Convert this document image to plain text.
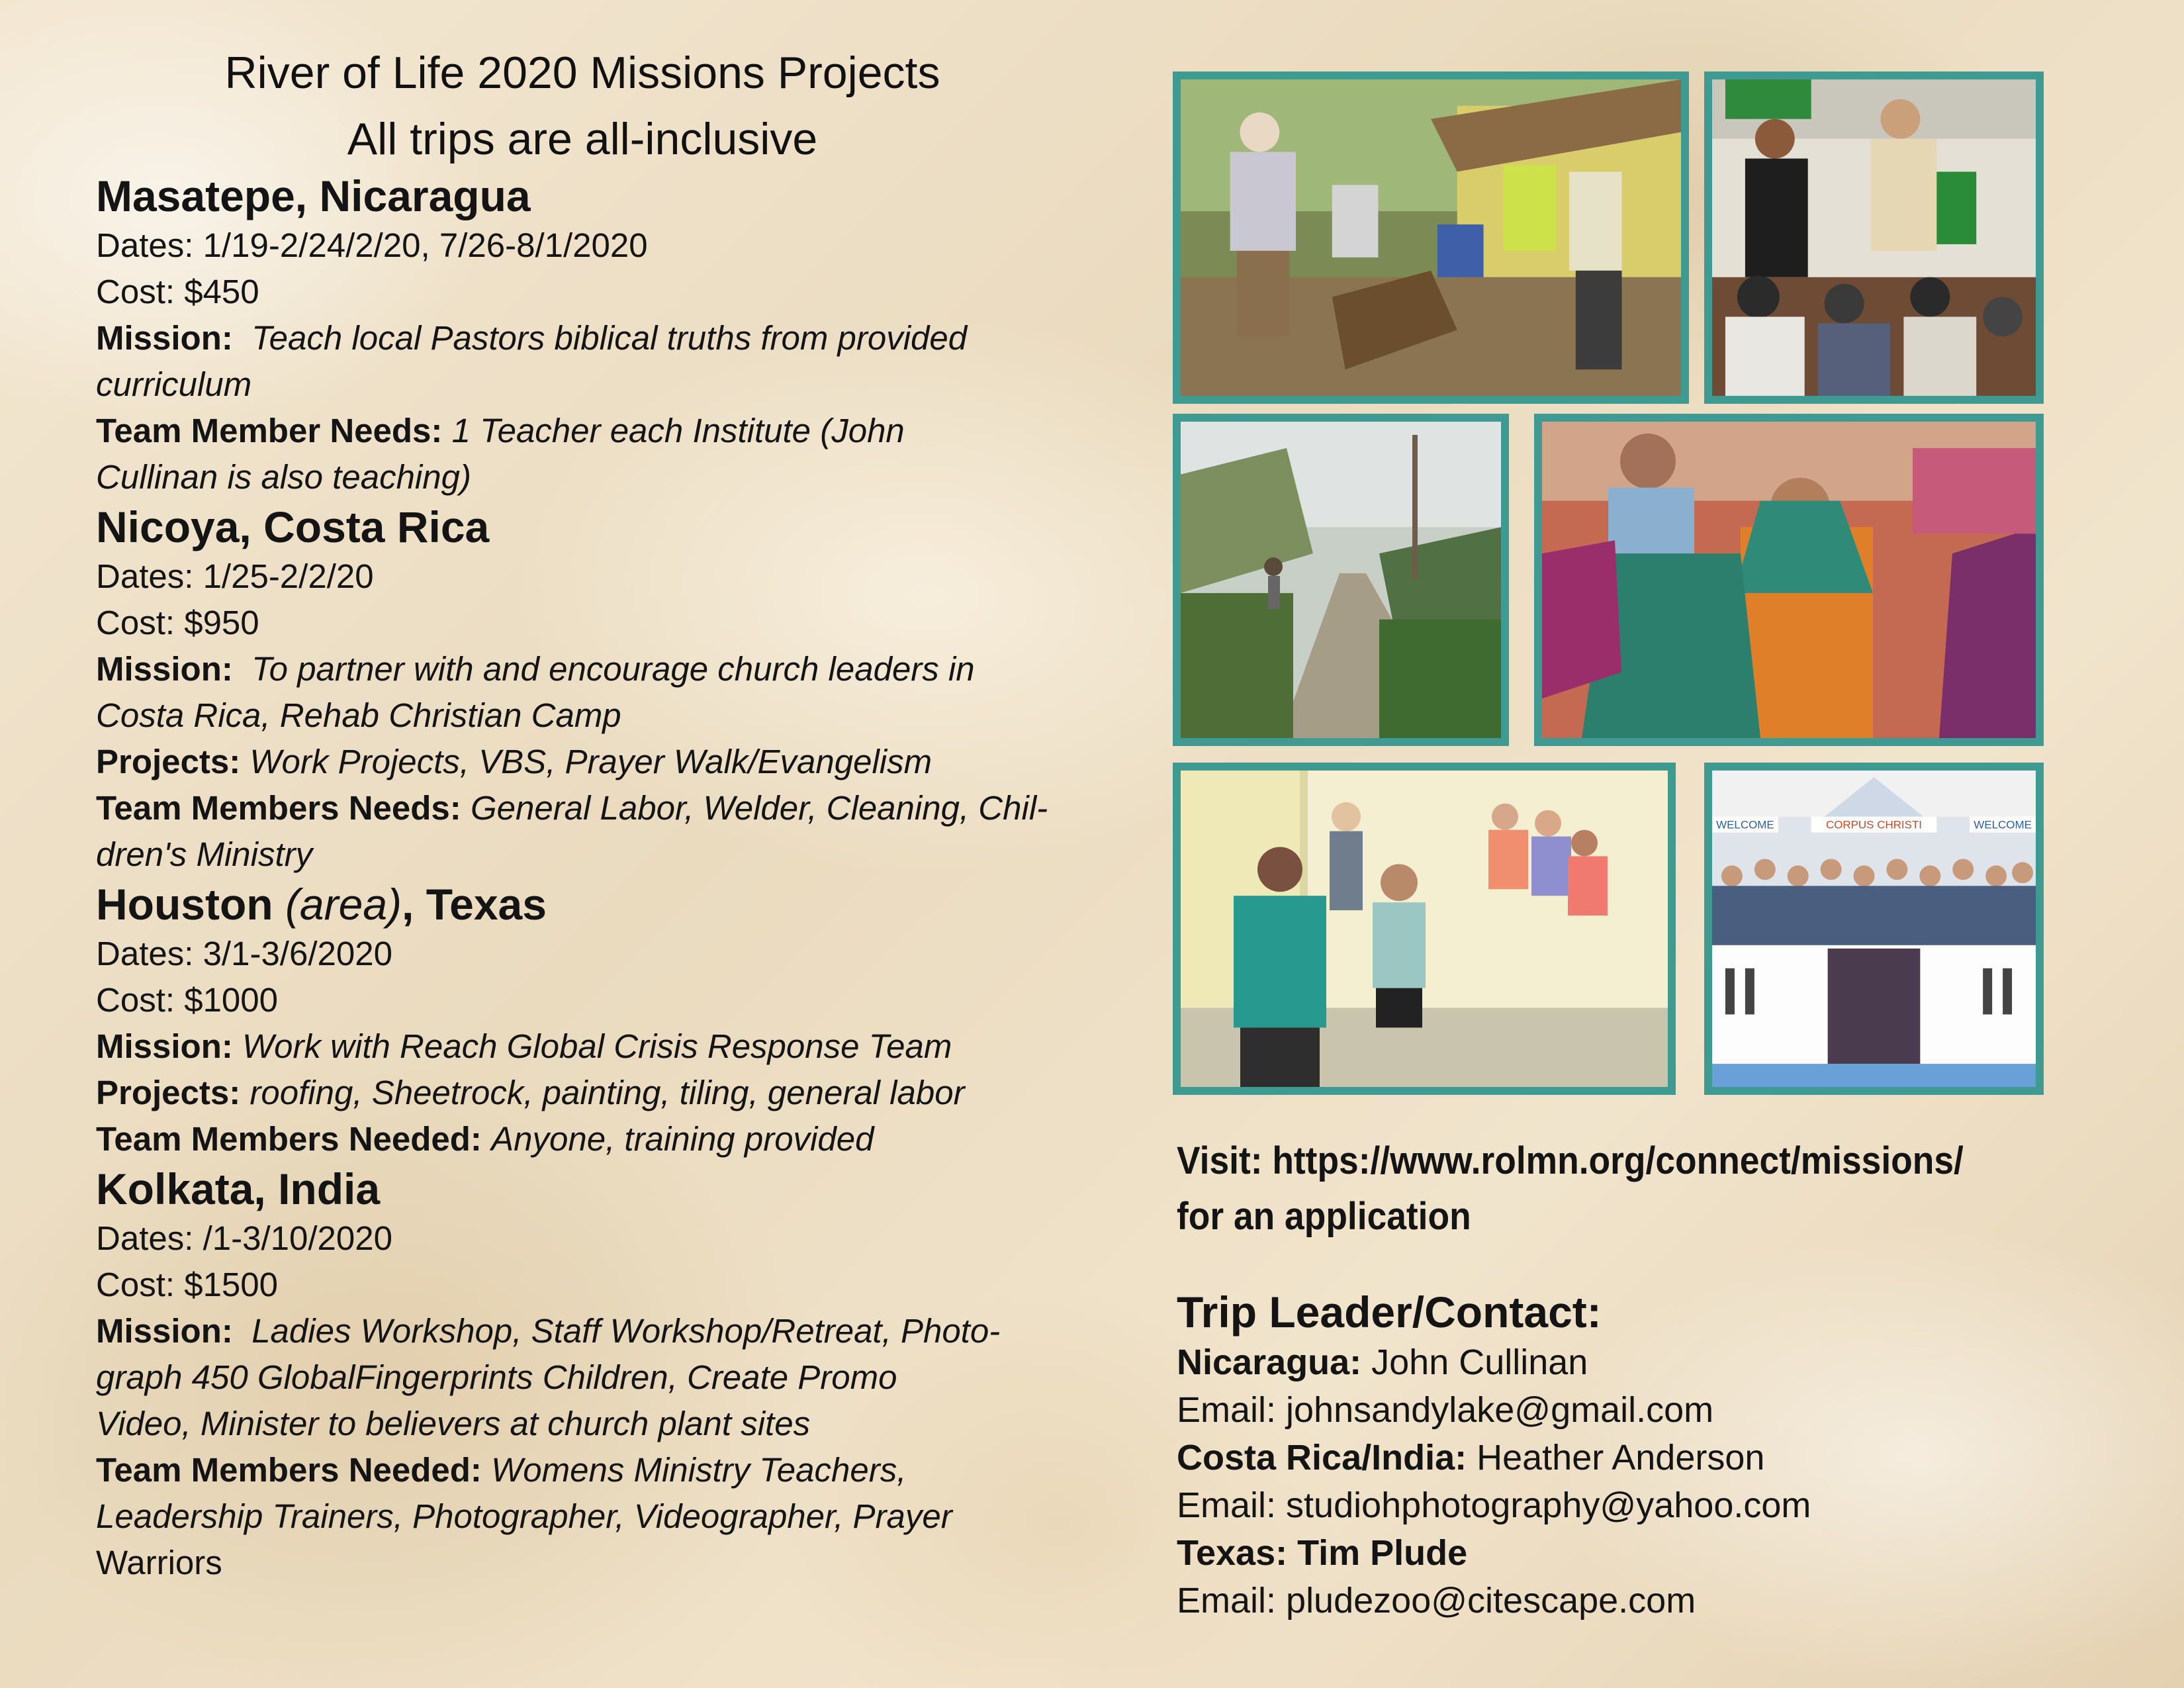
River of Life 2020 Missions Projects
All trips are all-inclusive
Masatepe, Nicaragua
Dates: 1/19-2/24/2/20, 7/26-8/1/2020
Cost: $450
Mission: Teach local Pastors biblical truths from provided
curriculum
Team Member Needs: 1 Teacher each Institute (John
Cullinan is also teaching)
Nicoya, Costa Rica
Dates: 1/25-2/2/20
Cost: $950
Mission: To partner with and encourage church leaders in
Costa Rica, Rehab Christian Camp
Projects: Work Projects, VBS, Prayer Walk/Evangelism
Team Members Needs: General Labor, Welder, Cleaning, Chil-
dren's Ministry
Houston (area), Texas
Dates: 3/1-3/6/2020
Cost: $1000
Mission: Work with Reach Global Crisis Response Team
Projects: roofing, Sheetrock, painting, tiling, general labor
Team Members Needed: Anyone, training provided
Kolkata, India
Dates: /1-3/10/2020
Cost: $1500
Mission: Ladies Workshop, Staff Workshop/Retreat, Photo-
graph 450 GlobalFingerprints Children, Create Promo
Video, Minister to believers at church plant sites
Team Members Needed: Womens Ministry Teachers,
Leadership Trainers, Photographer, Videographer, Prayer
Warriors
WELCOME	CORPUS CHRISTI	WELCOME
Visit: https://www.rolmn.org/connect/missions/
for an application
Trip Leader/Contact:
Nicaragua: John Cullinan
Email: johnsandylake@gmail.com
Costa Rica/India: Heather Anderson
Email: studiohphotography@yahoo.com
Texas: Tim Plude
Email: pludezoo@citescape.com
